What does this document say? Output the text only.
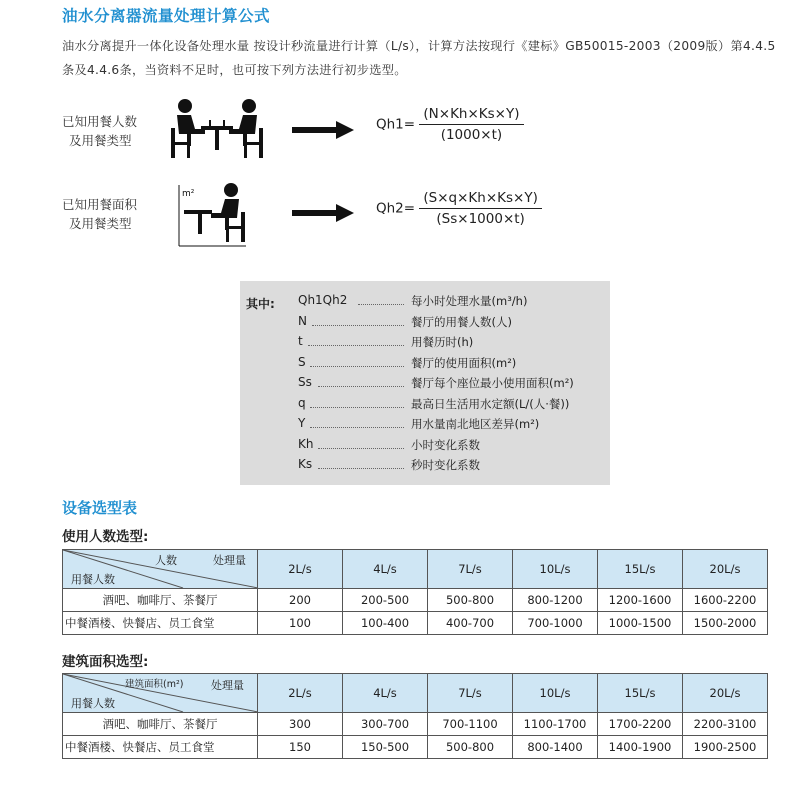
油水分离器流量处理计算公式
油水分离提升一体化设备处理水量 按设计秒流量进行计算（L/s），计算方法按现行《建标》GB50015-2003（2009版）第4.4.5条及4.4.6条，当资料不足时，也可按下列方法进行初步选型。
已知用餐人数
及用餐类型
$Qh1= \frac{(N\times Kh\times Ks\times Y)}{(1000\times t)}$
已知用餐面积
及用餐类型
m²
$Qh2= \frac{(S\times q\times Kh\times Ks\times Y)}{(Ss\times 1000\times t)}$
其中: Qh1Qh2	每小时处理水量(m³/h)
N	餐厅的用餐人数(人)
t	用餐历时(h)
S	餐厅的使用面积(m²)
Ss	餐厅每个座位最小使用面积(m²)
q	最高日生活用水定额(L/(人·餐))
Y	用水量南北地区差异(m²)
Kh	小时变化系数
Ks	秒时变化系数
设备选型表
使用人数选型:
人数 处理量
用餐人数	2L/s	4L/s	7L/s	10L/s	15L/s	20L/s
酒吧、咖啡厅、茶餐厅	200	200-500	500-800	800-1200	1200-1600	1600-2200
中餐酒楼、快餐店、员工食堂	100	100-400	400-700	700-1000	1000-1500	1500-2000
建筑面积选型:
建筑面积(m²) 处理量
用餐人数	2L/s	4L/s	7L/s	10L/s	15L/s	20L/s
酒吧、咖啡厅、茶餐厅	300	300-700	700-1100	1100-1700	1700-2200	2200-3100
中餐酒楼、快餐店、员工食堂	150	150-500	500-800	800-1400	1400-1900	1900-2500
